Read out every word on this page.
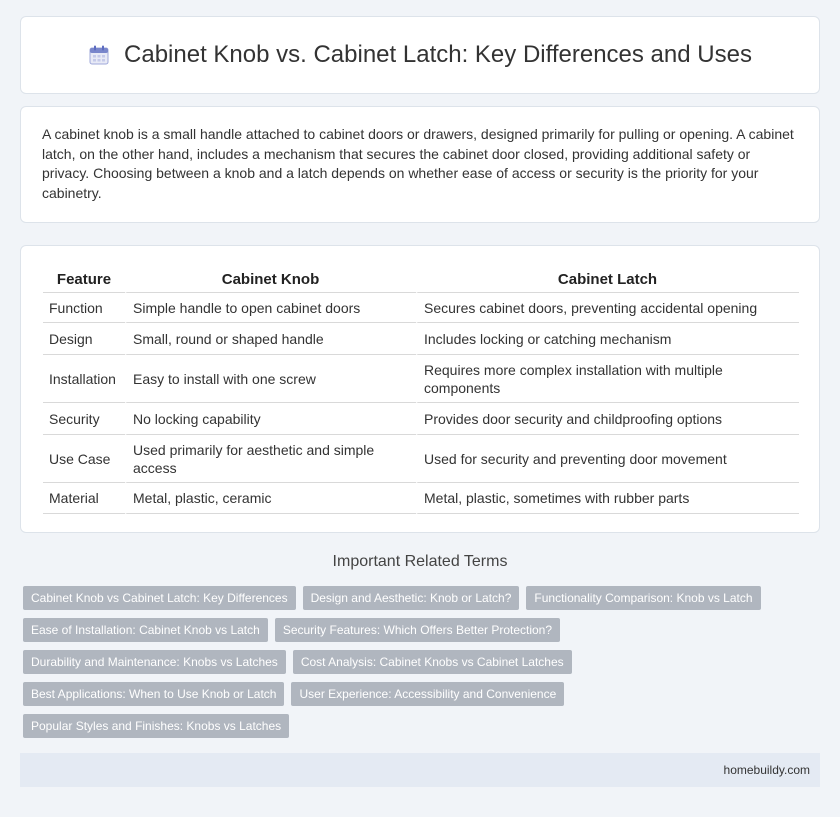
Cabinet Knob vs. Cabinet Latch: Key Differences and Uses

A cabinet knob is a small handle attached to cabinet doors or drawers, designed primarily for pulling or opening. A cabinet latch, on the other hand, includes a mechanism that secures the cabinet door closed, providing additional safety or privacy. Choosing between a knob and a latch depends on whether ease of access or security is the priority for your cabinetry.

Feature	Cabinet Knob	Cabinet Latch
Function	Simple handle to open cabinet doors	Secures cabinet doors, preventing accidental opening
Design	Small, round or shaped handle	Includes locking or catching mechanism
Installation	Easy to install with one screw	Requires more complex installation with multiple components
Security	No locking capability	Provides door security and childproofing options
Use Case	Used primarily for aesthetic and simple access	Used for security and preventing door movement
Material	Metal, plastic, ceramic	Metal, plastic, sometimes with rubber parts
Important Related Terms
Cabinet Knob vs Cabinet Latch: Key Differences	Design and Aesthetic: Knob or Latch?	Functionality Comparison: Knob vs Latch
Ease of Installation: Cabinet Knob vs Latch	Security Features: Which Offers Better Protection?
Durability and Maintenance: Knobs vs Latches	Cost Analysis: Cabinet Knobs vs Cabinet Latches
Best Applications: When to Use Knob or Latch	User Experience: Accessibility and Convenience
Popular Styles and Finishes: Knobs vs Latches
homebuildy.com
